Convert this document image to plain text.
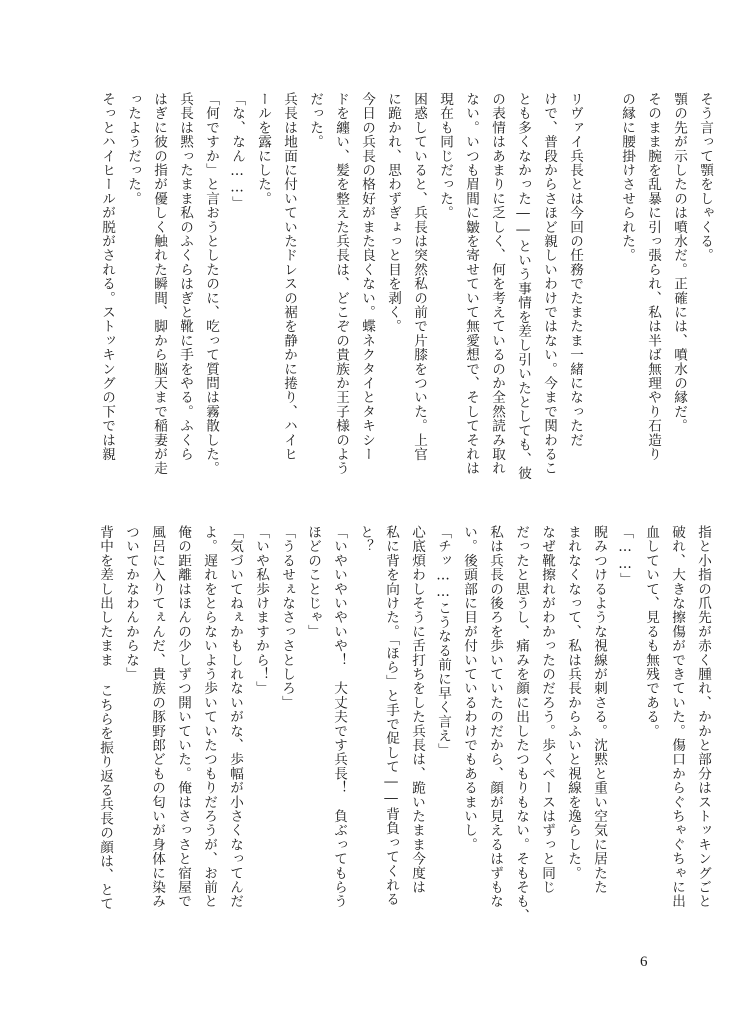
そう言って顎をしゃくる。
顎の先が示したのは噴水だ。正確には、噴水の縁だ。
そのまま腕を乱暴に引っ張られ、私は半ば無理やり石造り
の縁に腰掛けさせられた。

リヴァイ兵長とは今回の任務でたまたま一緒になっただ
けで、普段からさほど親しいわけではない。今まで関わるこ
とも多くなかった――という事情を差し引いたとしても、彼
の表情はあまりに乏しく、何を考えているのか全然読み取れ
ない。いつも眉間に皺を寄せていて無愛想で、そしてそれは
現在も同じだった。
困惑していると、兵長は突然私の前で片膝をついた。上官
に跪かれ、思わずぎょっと目を剥く。
今日の兵長の格好がまた良くない。蝶ネクタイとタキシー
ドを纏い、髪を整えた兵長は、どこぞの貴族か王子様のよう
だった。
兵長は地面に付いていたドレスの裾を静かに捲り、ハイヒ
ールを露にした。
「な、なん……」
「何ですか」と言おうとしたのに、吃って質問は霧散した。
兵長は黙ったまま私のふくらはぎと靴に手をやる。ふくら
はぎに彼の指が優しく触れた瞬間、脚から脳天まで稲妻が走
ったようだった。
そっとハイヒールが脱がされる。ストッキングの下では親
指と小指の爪先が赤く腫れ、かかと部分はストッキングごと
破れ、大きな擦傷ができていた。傷口からぐちゃぐちゃに出
血していて、見るも無残である。
「……」
睨みつけるような視線が刺さる。沈黙と重い空気に居たた
まれなくなって、私は兵長からふいと視線を逸らした。
なぜ靴擦れがわかったのだろう。歩くペースはずっと同じ
だったと思うし、痛みを顔に出したつもりもない。そもそも、
私は兵長の後ろを歩いていたのだから、顔が見えるはずもな
い。後頭部に目が付いているわけでもあるまいし。
「チッ……こうなる前に早く言え」
心底煩わしそうに舌打ちをした兵長は、跪いたまま今度は
私に背を向けた。「ほら」と手で促して――背負ってくれる
と？
「いやいやいやいや！　大丈夫です兵長！　負ぶってもらう
ほどのことじゃ」
「うるせぇなさっさとしろ」
「いや私歩けますから！」
「気づいてねぇかもしれないがな、歩幅が小さくなってんだ
よ。遅れをとらないよう歩いていたつもりだろうが、お前と
俺の距離はほんの少しずつ開いていた。俺はさっさと宿屋で
風呂に入りてぇんだ、貴族の豚野郎どもの匂いが身体に染み
ついてかなわんからな」
背中を差し出したまま こちらを振り返る兵長の顔は、とて
6
